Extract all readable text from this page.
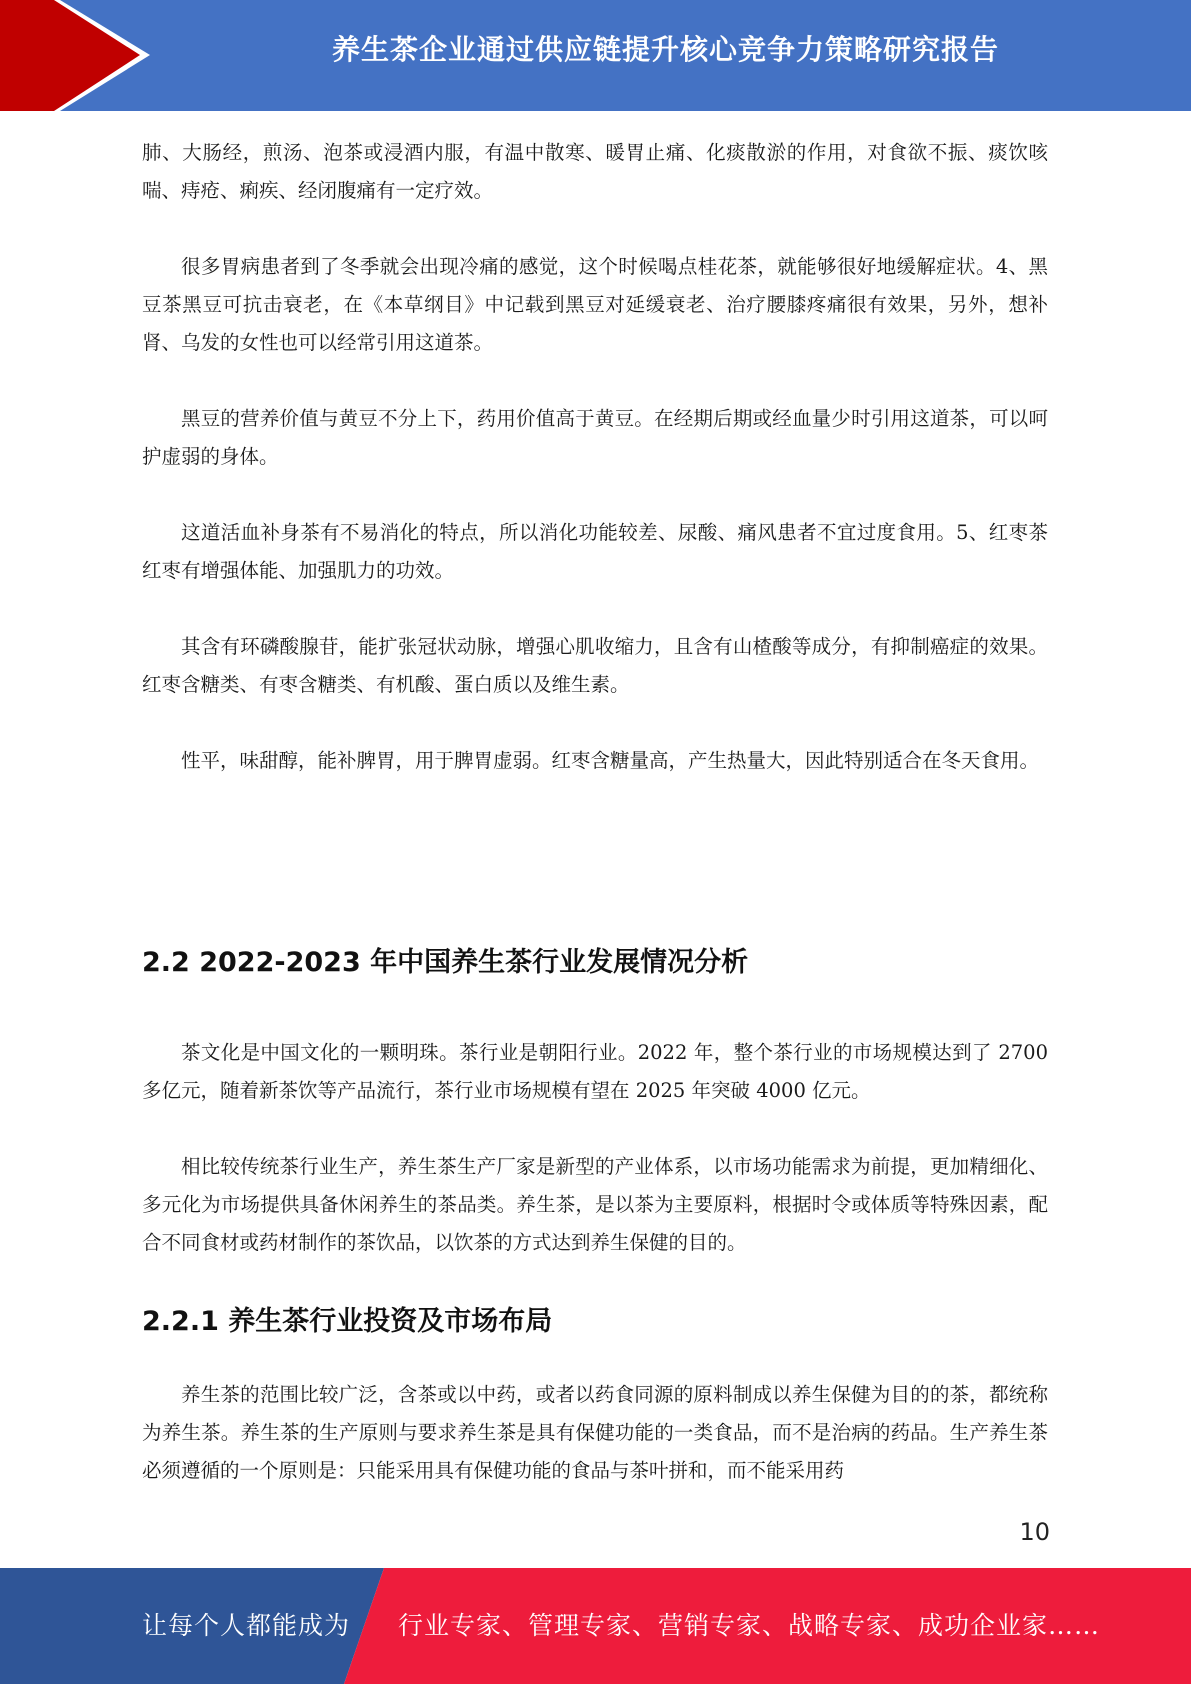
养生茶企业通过供应链提升核心竞争力策略研究报告

肺、大肠经，煎汤、泡茶或浸酒内服，有温中散寒、暖胃止痛、化痰散淤的作用，对食欲不振、痰饮咳喘、痔疮、痢疾、经闭腹痛有一定疗效。

很多胃病患者到了冬季就会出现冷痛的感觉，这个时候喝点桂花茶，就能够很好地缓解症状。4、黑豆茶黑豆可抗击衰老，在《本草纲目》中记载到黑豆对延缓衰老、治疗腰膝疼痛很有效果，另外，想补肾、乌发的女性也可以经常引用这道茶。

黑豆的营养价值与黄豆不分上下，药用价值高于黄豆。在经期后期或经血量少时引用这道茶，可以呵护虚弱的身体。

这道活血补身茶有不易消化的特点，所以消化功能较差、尿酸、痛风患者不宜过度食用。5、红枣茶红枣有增强体能、加强肌力的功效。

其含有环磷酸腺苷，能扩张冠状动脉，增强心肌收缩力，且含有山楂酸等成分，有抑制癌症的效果。红枣含糖类、有枣含糖类、有机酸、蛋白质以及维生素。

性平，味甜醇，能补脾胃，用于脾胃虚弱。红枣含糖量高，产生热量大，因此特别适合在冬天食用。

2.2 2022-2023 年中国养生茶行业发展情况分析

茶文化是中国文化的一颗明珠。茶行业是朝阳行业。2022 年，整个茶行业的市场规模达到了 2700 多亿元，随着新茶饮等产品流行，茶行业市场规模有望在 2025 年突破 4000 亿元。

相比较传统茶行业生产，养生茶生产厂家是新型的产业体系，以市场功能需求为前提，更加精细化、多元化为市场提供具备休闲养生的茶品类。养生茶，是以茶为主要原料，根据时令或体质等特殊因素，配合不同食材或药材制作的茶饮品，以饮茶的方式达到养生保健的目的。

2.2.1 养生茶行业投资及市场布局

养生茶的范围比较广泛，含茶或以中药，或者以药食同源的原料制成以养生保健为目的的茶，都统称为养生茶。养生茶的生产原则与要求养生茶是具有保健功能的一类食品，而不是治病的药品。生产养生茶必须遵循的一个原则是：只能采用具有保健功能的食品与茶叶拼和，而不能采用药

10
让每个人都能成为 行业专家、管理专家、营销专家、战略专家、成功企业家……
